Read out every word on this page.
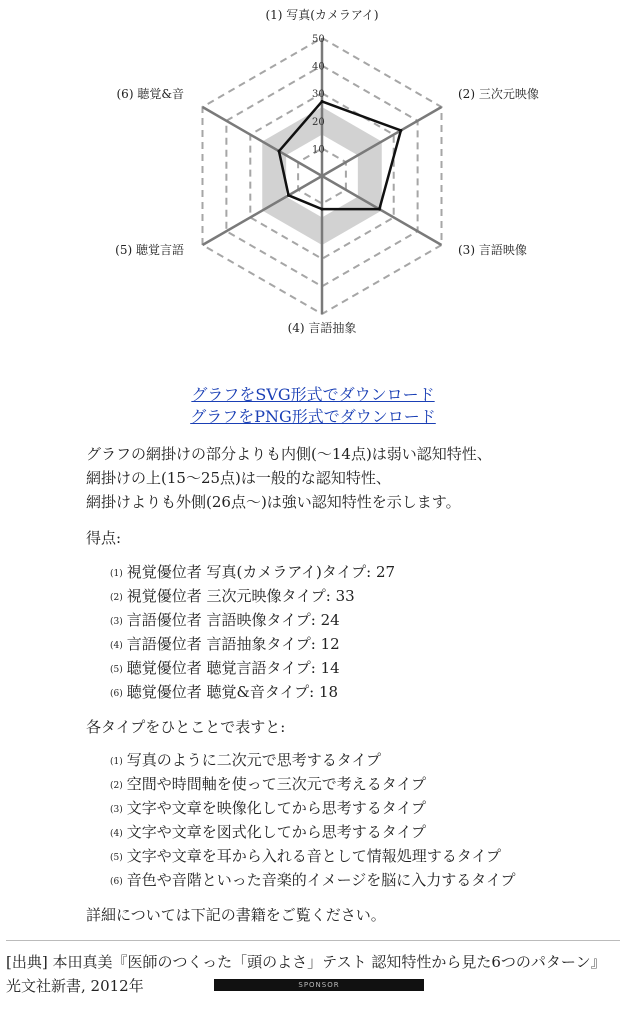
10
20
30
40
50
(1) 写真(カメラアイ)
(2) 三次元映像
(3) 言語映像
(4) 言語抽象
(5) 聴覚言語
(6) 聴覚&音
グラフをSVG形式でダウンロード
グラフをPNG形式でダウンロード
グラフの網掛けの部分よりも内側(〜14点)は弱い認知特性、
網掛けの上(15〜25点)は一般的な認知特性、
網掛けよりも外側(26点〜)は強い認知特性を示します。
得点:
(1) 視覚優位者 写真(カメラアイ)タイプ: 27
(2) 視覚優位者 三次元映像タイプ: 33
(3) 言語優位者 言語映像タイプ: 24
(4) 言語優位者 言語抽象タイプ: 12
(5) 聴覚優位者 聴覚言語タイプ: 14
(6) 聴覚優位者 聴覚&音タイプ: 18
各タイプをひとことで表すと:
(1) 写真のように二次元で思考するタイプ
(2) 空間や時間軸を使って三次元で考えるタイプ
(3) 文字や文章を映像化してから思考するタイプ
(4) 文字や文章を図式化してから思考するタイプ
(5) 文字や文章を耳から入れる音として情報処理するタイプ
(6) 音色や音階といった音楽的イメージを脳に入力するタイプ
詳細については下記の書籍をご覧ください。
[出典] 本田真美『医師のつくった「頭のよさ」テスト 認知特性から見た6つのパターン』
光文社新書, 2012年	SPONSOR
